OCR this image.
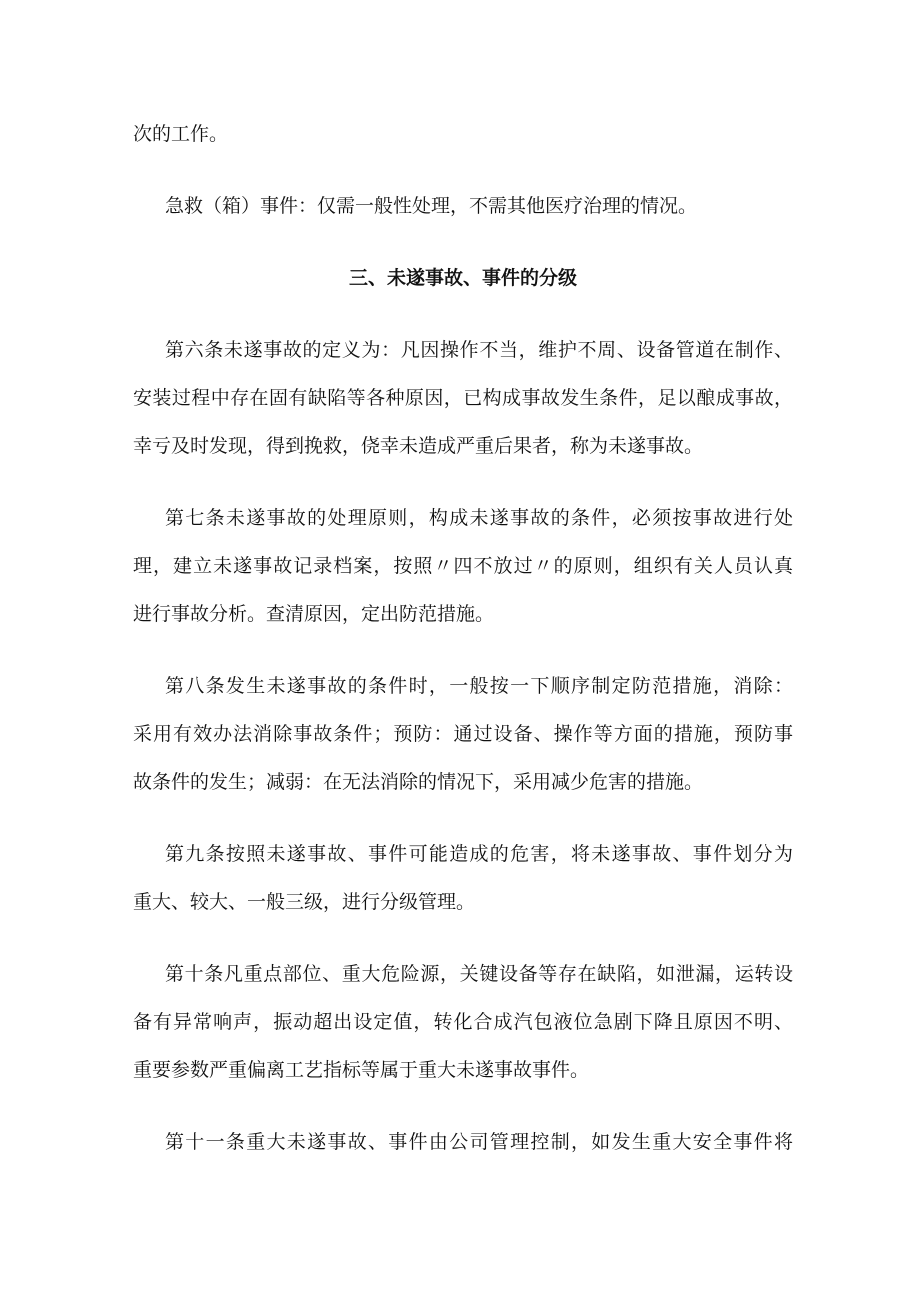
次的工作。
急救（箱）事件：仅需一般性处理，不需其他医疗治理的情况。
三、未遂事故、事件的分级
第六条未遂事故的定义为：凡因操作不当，维护不周、设备管道在制作、
安装过程中存在固有缺陷等各种原因，已构成事故发生条件，足以酿成事故，
幸亏及时发现，得到挽救，侥幸未造成严重后果者，称为未遂事故。
第七条未遂事故的处理原则，构成未遂事故的条件，必须按事故进行处
理，建立未遂事故记录档案，按照〃四不放过〃的原则，组织有关人员认真
进行事故分析。查清原因，定出防范措施。
第八条发生未遂事故的条件时，一般按一下顺序制定防范措施，消除：
采用有效办法消除事故条件；预防：通过设备、操作等方面的措施，预防事
故条件的发生；减弱：在无法消除的情况下，采用减少危害的措施。
第九条按照未遂事故、事件可能造成的危害，将未遂事故、事件划分为
重大、较大、一般三级，进行分级管理。
第十条凡重点部位、重大危险源，关键设备等存在缺陷，如泄漏，运转设
备有异常响声，振动超出设定值，转化合成汽包液位急剧下降且原因不明、
重要参数严重偏离工艺指标等属于重大未遂事故事件。
第十一条重大未遂事故、事件由公司管理控制，如发生重大安全事件将
